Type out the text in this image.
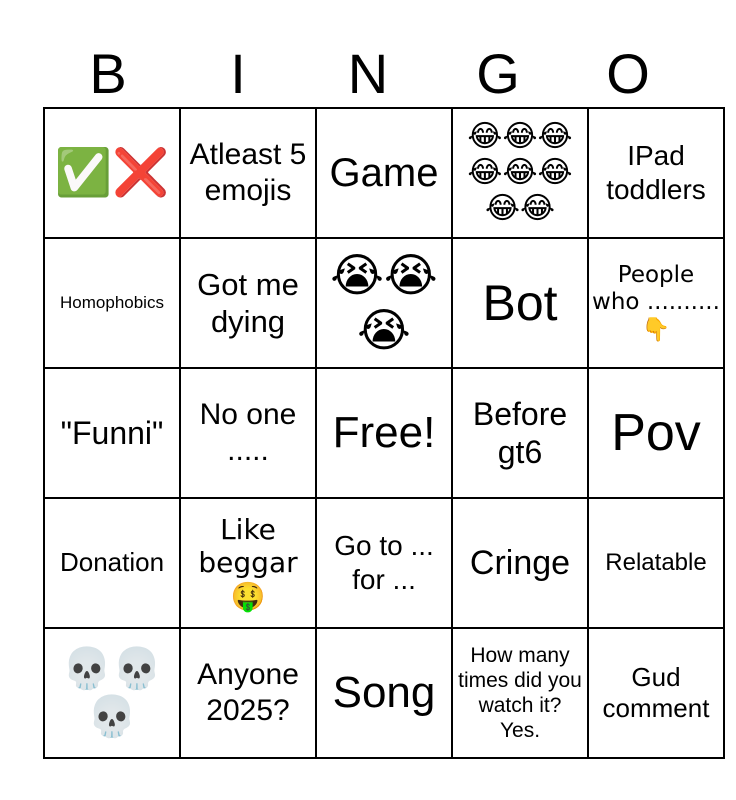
B	I	N	G	O
✅❌	Atleast 5 emojis	Game	😂😂😂 😂😂😂 😂😂	IPad toddlers
Homophobics	Got me dying	😭😭 😭	Bot	People who .......... 👇
"Funni"	No one .....	Free!	Before gt6	Pov
Donation	Like beggar 🤑	Go to ... for ...	Cringe	Relatable
💀💀 💀	Anyone 2025?	Song	How many times did you watch it? Yes.	Gud comment
